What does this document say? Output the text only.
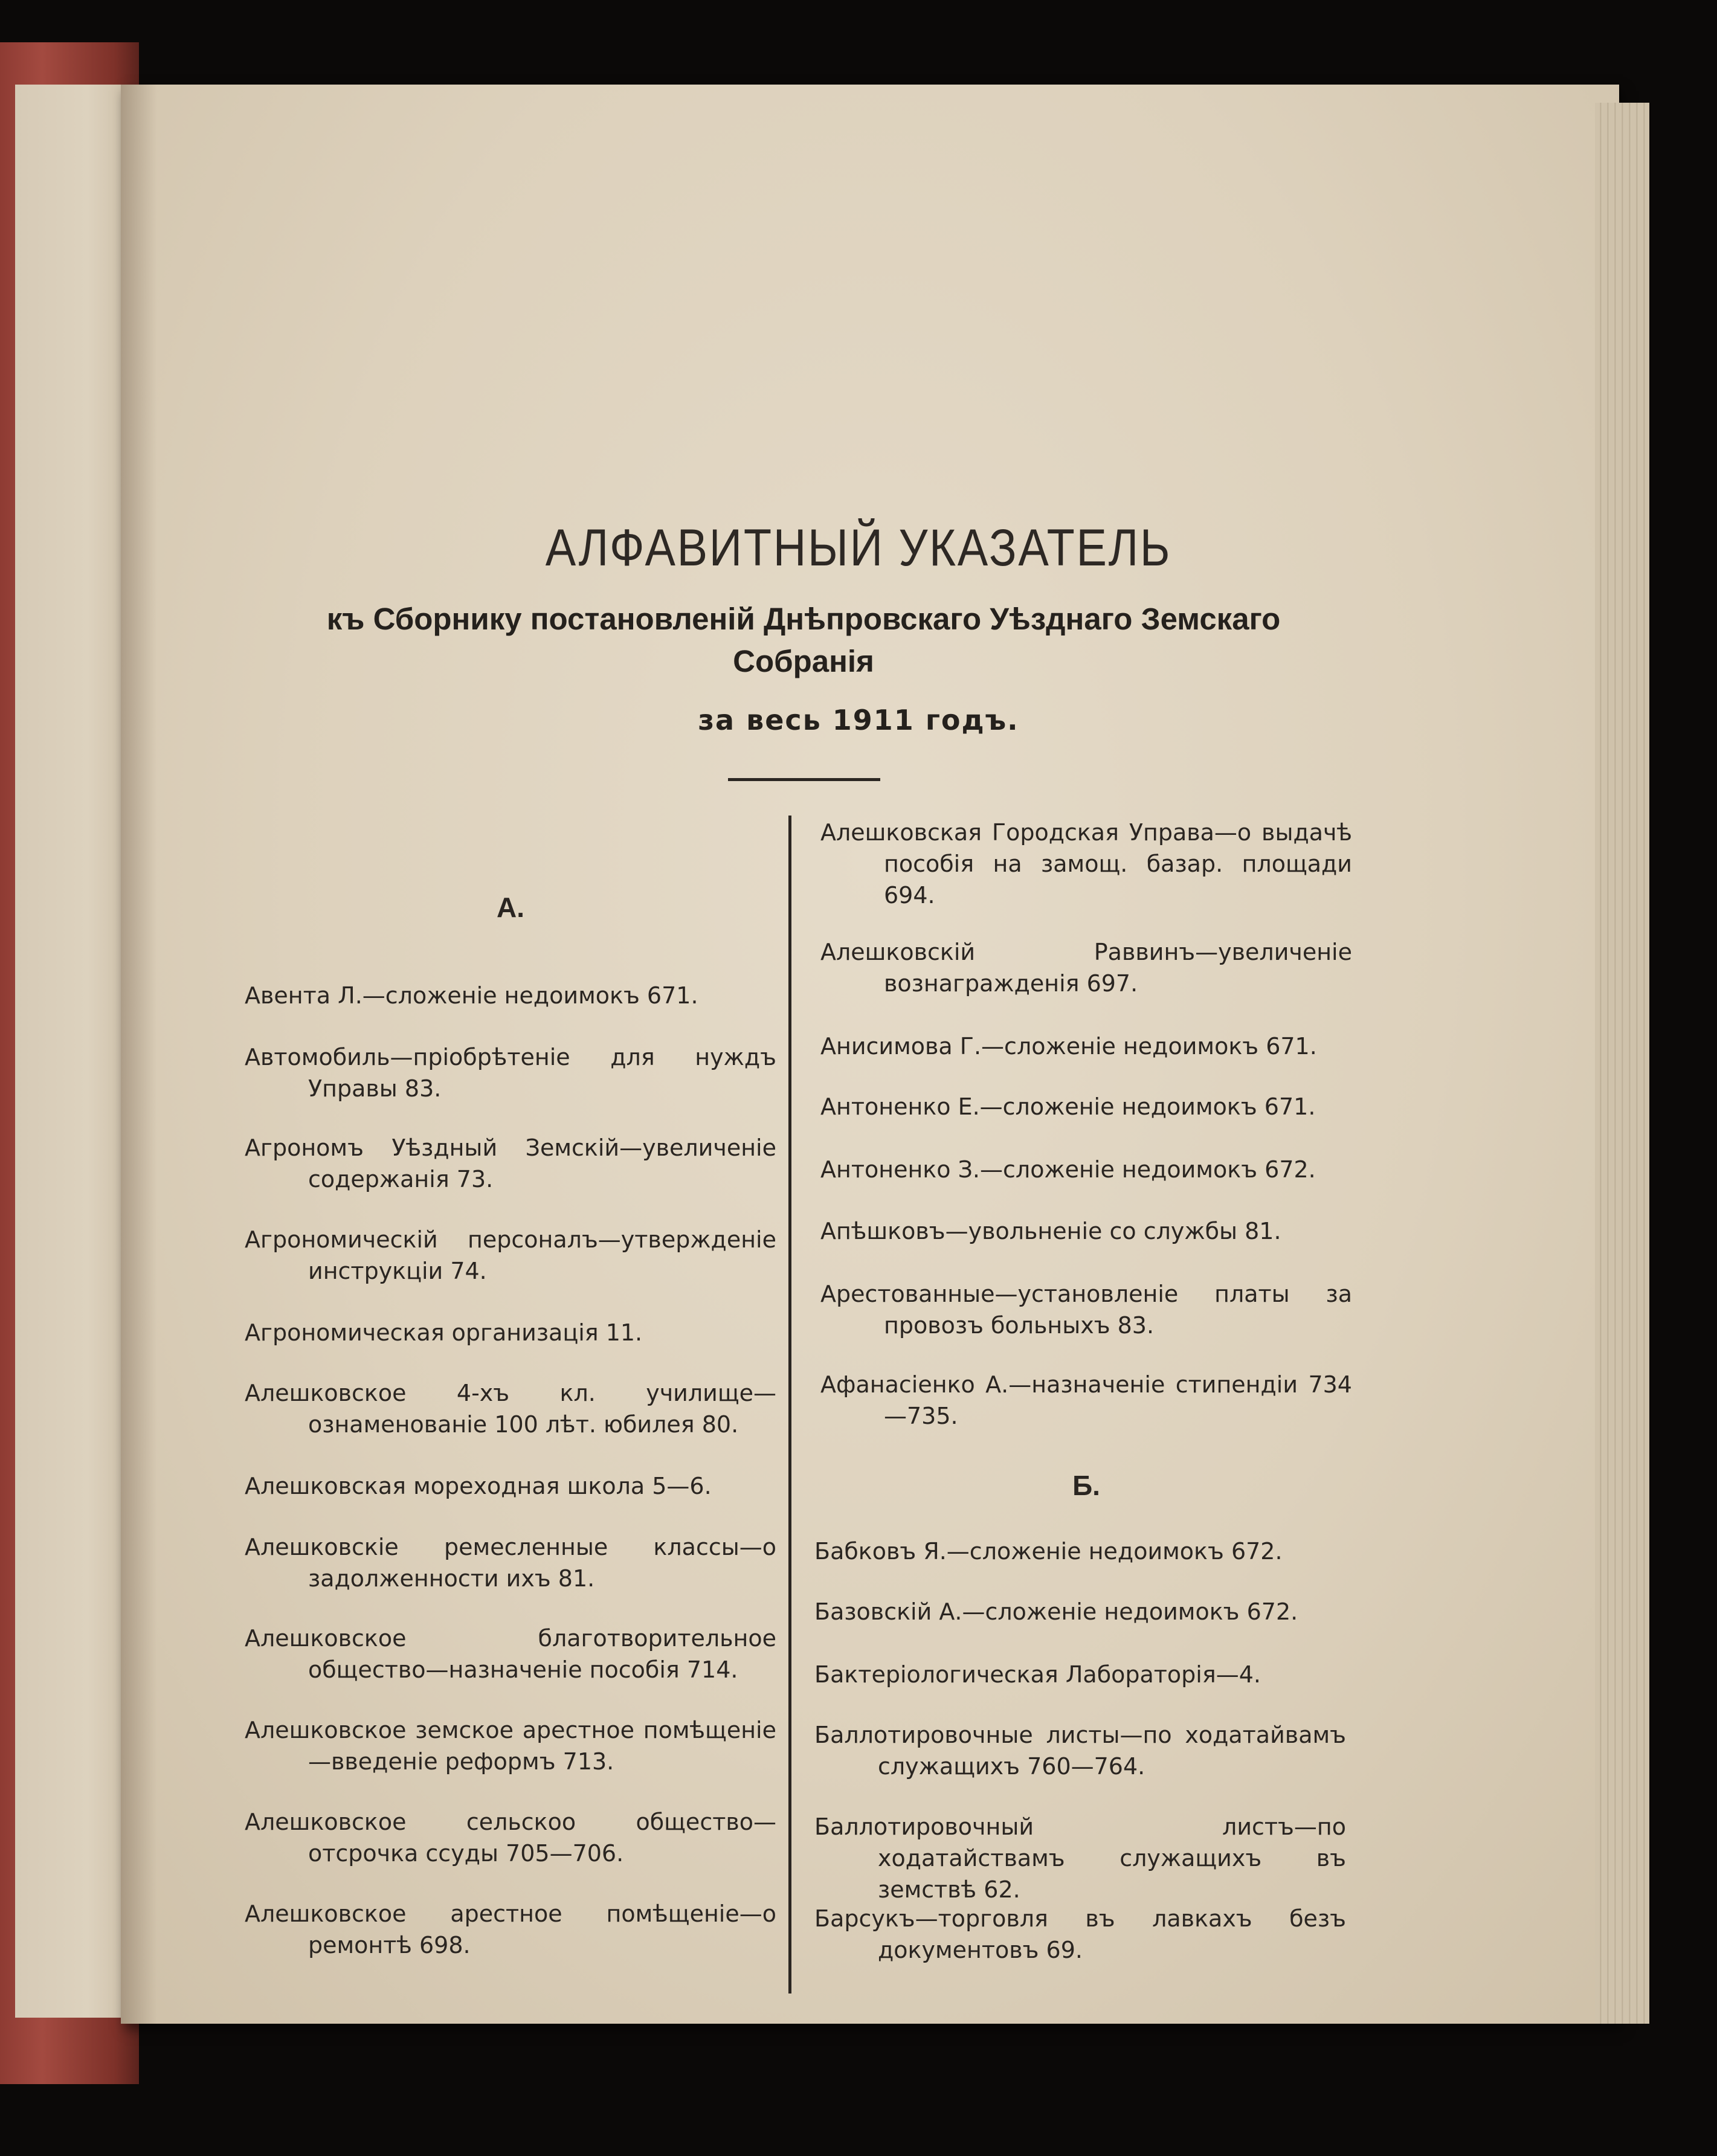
АЛФАВИТНЫЙ УКАЗАТЕЛЬ
къ Сборнику постановленій Днѣпровскаго Уѣзднаго Земскаго Собранія
за весь 1911 годъ.
А.
Авента Л.—сложеніе недоимокъ 671.
Автомобиль—пріобрѣтеніе для нуждъ Управы 83.
Агрономъ Уѣздный Земскій—увеличеніе содержанія 73.
Агрономическій персоналъ—утвержденіе инструкціи 74.
Агрономическая организація 11.
Алешковское 4-хъ кл. училище—ознаменованіе 100 лѣт. юбилея 80.
Алешковская мореходная школа 5—6.
Алешковскіе ремесленные классы—о задолженности ихъ 81.
Алешковское благотворительное общество—назначеніе пособія 714.
Алешковское земское арестное помѣщеніе—введеніе реформъ 713.
Алешковское сельскоо общество—отсрочка ссуды 705—706.
Алешковское арестное помѣщеніе—о ремонтѣ 698.
Алешковская Городская Управа—о выдачѣ пособія на замощ. базар. площади 694.
Алешковскій Раввинъ—увеличеніе вознагражденія 697.
Анисимова Г.—сложеніе недоимокъ 671.
Антоненко Е.—сложеніе недоимокъ 671.
Антоненко З.—сложеніе недоимокъ 672.
Апѣшковъ—увольненіе со службы 81.
Арестованные—установленіе платы за провозъ больныхъ 83.
Афанасіенко А.—назначеніе стипендіи 734—735.
Б.
Бабковъ Я.—сложеніе недоимокъ 672.
Базовскій А.—сложеніе недоимокъ 672.
Бактеріологическая Лабораторія—4.
Баллотировочные листы—по ходатайвамъ служащихъ 760—764.
Баллотировочный листъ—по ходатайствамъ служащихъ въ земствѣ 62.
Барсукъ—торговля въ лавкахъ безъ документовъ 69.
